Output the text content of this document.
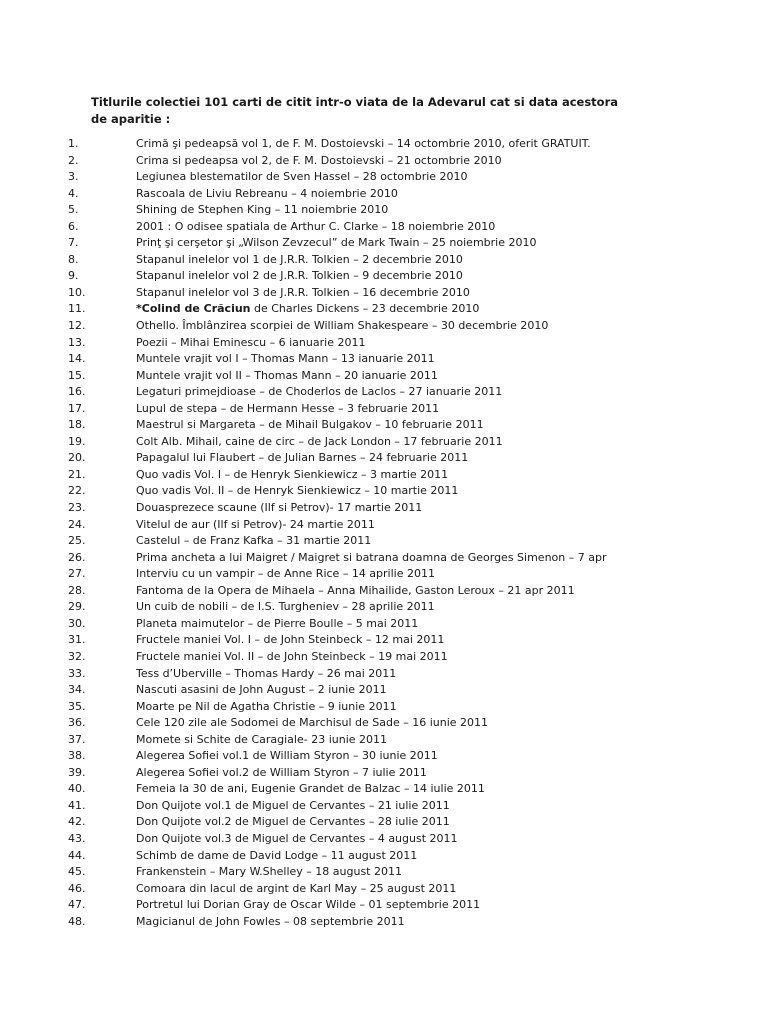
Titlurile colectiei 101 carti de citit intr-o viata de la Adevarul cat si data acestora de aparitie :
1.	Crimă şi pedeapsă vol 1, de F. M. Dostoievski – 14 octombrie 2010, oferit GRATUIT.
2.	Crima si pedeapsa vol 2, de F. M. Dostoievski – 21 octombrie 2010
3.	Legiunea blestematilor de Sven Hassel – 28 octombrie 2010
4.	Rascoala de Liviu Rebreanu – 4 noiembrie 2010
5.	Shining de Stephen King – 11 noiembrie 2010
6.	2001 : O odisee spatiala de Arthur C. Clarke – 18 noiembrie 2010
7.	Prinţ şi cerşetor şi „Wilson Zevzecul” de Mark Twain – 25 noiembrie 2010
8.	Stapanul inelelor vol 1 de J.R.R. Tolkien – 2 decembrie 2010
9.	Stapanul inelelor vol 2 de J.R.R. Tolkien – 9 decembrie 2010
10.	Stapanul inelelor vol 3 de J.R.R. Tolkien – 16 decembrie 2010
11.	*Colind de Crăciun de Charles Dickens – 23 decembrie 2010
12.	Othello. Îmblânzirea scorpiei de William Shakespeare – 30 decembrie 2010
13.	Poezii – Mihai Eminescu – 6 ianuarie 2011
14.	Muntele vrajit vol I – Thomas Mann – 13 ianuarie 2011
15.	Muntele vrajit vol II – Thomas Mann – 20 ianuarie 2011
16.	Legaturi primejdioase – de Choderlos de Laclos – 27 ianuarie 2011
17.	Lupul de stepa – de Hermann Hesse – 3 februarie 2011
18.	Maestrul si Margareta – de Mihail Bulgakov – 10 februarie 2011
19.	Colt Alb. Mihail, caine de circ – de Jack London – 17 februarie 2011
20.	Papagalul lui Flaubert – de Julian Barnes – 24 februarie 2011
21.	Quo vadis Vol. I – de Henryk Sienkiewicz – 3 martie 2011
22.	Quo vadis Vol. II – de Henryk Sienkiewicz – 10 martie 2011
23.	Douasprezece scaune (Ilf si Petrov)- 17 martie 2011
24.	Vitelul de aur (Ilf si Petrov)- 24 martie 2011
25.	Castelul – de Franz Kafka – 31 martie 2011
26.	Prima ancheta a lui Maigret / Maigret si batrana doamna de Georges Simenon – 7 apr
27.	Interviu cu un vampir – de Anne Rice – 14 aprilie 2011
28.	Fantoma de la Opera de Mihaela – Anna Mihailide, Gaston Leroux – 21 apr 2011
29.	Un cuib de nobili – de I.S. Turgheniev – 28 aprilie 2011
30.	Planeta maimutelor – de Pierre Boulle – 5 mai 2011
31.	Fructele maniei Vol. I – de John Steinbeck – 12 mai 2011
32.	Fructele maniei Vol. II – de John Steinbeck – 19 mai 2011
33.	Tess d’Uberville – Thomas Hardy – 26 mai 2011
34.	Nascuti asasini de John August – 2 iunie 2011
35.	Moarte pe Nil de Agatha Christie – 9 iunie 2011
36.	Cele 120 zile ale Sodomei de Marchisul de Sade – 16 iunie 2011
37.	Momete si Schite de Caragiale- 23 iunie 2011
38.	Alegerea Sofiei vol.1 de William Styron – 30 iunie 2011
39.	Alegerea Sofiei vol.2 de William Styron – 7 iulie 2011
40.	Femeia la 30 de ani, Eugenie Grandet de Balzac – 14 iulie 2011
41.	Don Quijote vol.1 de Miguel de Cervantes – 21 iulie 2011
42.	Don Quijote vol.2 de Miguel de Cervantes – 28 iulie 2011
43.	Don Quijote vol.3 de Miguel de Cervantes – 4 august 2011
44.	Schimb de dame de David Lodge – 11 august 2011
45.	Frankenstein – Mary W.Shelley – 18 august 2011
46.	Comoara din lacul de argint de Karl May – 25 august 2011
47.	Portretul lui Dorian Gray de Oscar Wilde – 01 septembrie 2011
48.	Magicianul de John Fowles – 08 septembrie 2011
